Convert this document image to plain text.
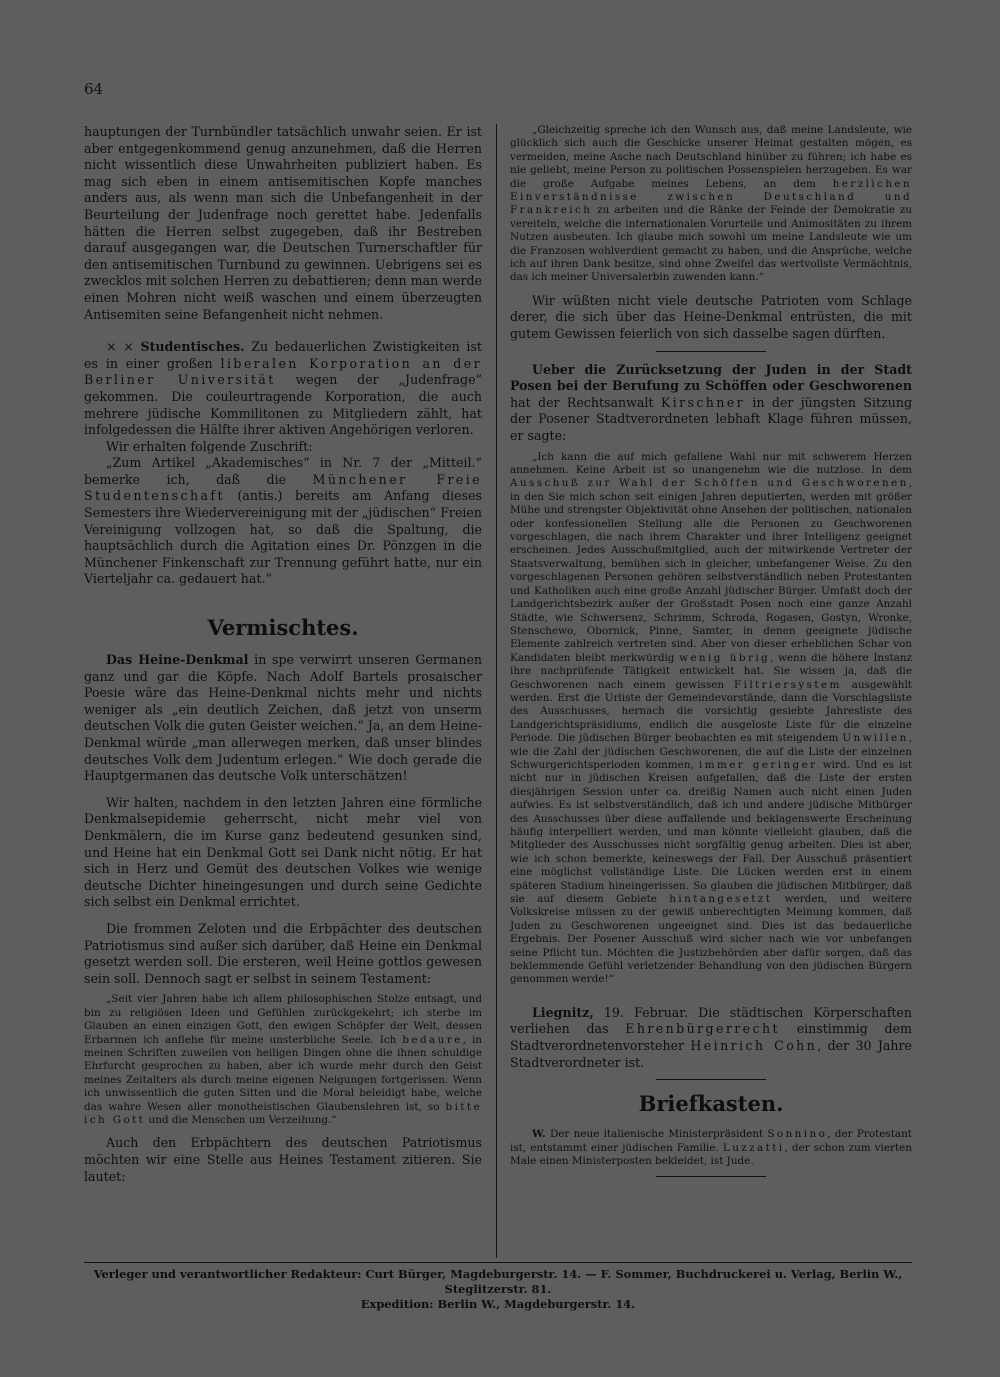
64

hauptungen der Turnbündler tatsächlich unwahr seien. Er ist aber entgegenkommend genug anzunehmen, daß die Herren nicht wissentlich diese Unwahrheiten publiziert haben. Es mag sich eben in einem antisemitischen Kopfe manches anders aus, als wenn man sich die Unbefangenheit in der Beurteilung der Judenfrage noch gerettet habe. Jedenfalls hätten die Herren selbst zugegeben, daß ihr Bestreben darauf ausgegangen war, die Deutschen Turnerschaftler für den antisemitischen Turnbund zu gewinnen. Uebrigens sei es zwecklos mit solchen Herren zu debattieren; denn man werde einen Mohren nicht weiß waschen und einem überzeugten Antisemiten seine Befangenheit nicht nehmen.

× × Studentisches. Zu bedauerlichen Zwistigkeiten ist es in einer großen liberalen Korporation an der Berliner Universität wegen der „Judenfrage“ gekommen. Die couleurtragende Korporation, die auch mehrere jüdische Kommilitonen zu Mitgliedern zählt, hat infolgedessen die Hälfte ihrer aktiven Angehörigen verloren.

Wir erhalten folgende Zuschrift:

„Zum Artikel „Akademisches“ in Nr. 7 der „Mitteil.“ bemerke ich, daß die Münchener Freie Studentenschaft (antis.) bereits am Anfang dieses Semesters ihre Wiedervereinigung mit der „jüdischen“ Freien Vereinigung vollzogen hat, so daß die Spaltung, die hauptsächlich durch die Agitation eines Dr. Pönzgen in die Münchener Finkenschaft zur Trennung geführt hatte, nur ein Vierteljahr ca. gedauert hat.“

Vermischtes.

Das Heine-Denkmal in spe verwirrt unseren Germanen ganz und gar die Köpfe. Nach Adolf Bartels prosaischer Poesie wäre das Heine-Denkmal nichts mehr und nichts weniger als „ein deutlich Zeichen, daß jetzt von unserm deutschen Volk die guten Geister weichen.“ Ja, an dem Heine-Denkmal würde „man allerwegen merken, daß unser blindes deutsches Volk dem Judentum erlegen.“ Wie doch gerade die Hauptgermanen das deutsche Volk unterschätzen!

Wir halten, nachdem in den letzten Jahren eine förmliche Denkmalsepidemie geherrscht, nicht mehr viel von Denkmälern, die im Kurse ganz bedeutend gesunken sind, und Heine hat ein Denkmal Gott sei Dank nicht nötig. Er hat sich in Herz und Gemüt des deutschen Volkes wie wenige deutsche Dichter hineingesungen und durch seine Gedichte sich selbst ein Denkmal errichtet.

Die frommen Zeloten und die Erbpächter des deutschen Patriotismus sind außer sich darüber, daß Heine ein Denkmal gesetzt werden soll. Die ersteren, weil Heine gottlos gewesen sein soll. Dennoch sagt er selbst in seinem Testament:

„Seit vier Jahren habe ich allem philosophischen Stolze entsagt, und bin zu religiösen Ideen und Gefühlen zurückgekehrt; ich sterbe im Glauben an einen einzigen Gott, den ewigen Schöpfer der Welt, dessen Erbarmen ich anflehe für meine unsterbliche Seele. Ich bedaure, in meinen Schriften zuweilen von heiligen Dingen ohne die ihnen schuldige Ehrfurcht gesprochen zu haben, aber ich wurde mehr durch den Geist meines Zeitalters als durch meine eigenen Neigungen fortgerissen. Wenn ich unwissentlich die guten Sitten und die Moral beleidigt habe, welche das wahre Wesen aller monotheistischen Glaubenslehren ist, so bitte ich Gott und die Menschen um Verzeihung.“

Auch den Erbpächtern des deutschen Patriotismus möchten wir eine Stelle aus Heines Testament zitieren. Sie lautet:

„Gleichzeitig spreche ich den Wunsch aus, daß meine Landsleute, wie glücklich sich auch die Geschicke unserer Heimat gestalten mögen, es vermeiden, meine Asche nach Deutschland hinüber zu führen; ich habe es nie geliebt, meine Person zu politischen Possenspielen herzugeben. Es war die große Aufgabe meines Lebens, an dem herzlichen Einverständnisse zwischen Deutschland und Frankreich zu arbeiten und die Ränke der Feinde der Demokratie zu vereiteln, welche die internationalen Vorurteile und Animositäten zu ihrem Nutzen ausbeuten. Ich glaube mich sowohl um meine Landsleute wie um die Franzosen wohlverdient gemacht zu haben, und die Ansprüche, welche ich auf ihren Dank besitze, sind ohne Zweifel das wertvollste Vermächtnis, das ich meiner Universalerbin zuwenden kann.“

Wir wüßten nicht viele deutsche Patrioten vom Schlage derer, die sich über das Heine-Denkmal entrüsten, die mit gutem Gewissen feierlich von sich dasselbe sagen dürften.

Ueber die Zurücksetzung der Juden in der Stadt Posen bei der Berufung zu Schöffen oder Geschworenen hat der Rechtsanwalt Kirschner in der jüngsten Sitzung der Posener Stadtverordneten lebhaft Klage führen müssen, er sagte:

„Ich kann die auf mich gefallene Wahl nur mit schwerem Herzen annehmen. Keine Arbeit ist so unangenehm wie die nutzlose. In dem Ausschuß zur Wahl der Schöffen und Geschworenen, in den Sie mich schon seit einigen Jahren deputierten, werden mit größer Mühe und strengster Objektivität ohne Ansehen der politischen, nationalen oder konfessionellen Stellung alle die Personen zu Geschworenen vorgeschlagen, die nach ihrem Charakter und ihrer Intelligenz geeignet erscheinen. Jedes Ausschußmitglied, auch der mitwirkende Vertreter der Staatsverwaltung, bemühen sich in gleicher, unbefangener Weise. Zu den vorgeschlagenen Personen gehören selbstverständlich neben Protestanten und Katholiken auch eine große Anzahl jüdischer Bürger. Umfaßt doch der Landgerichtsbezirk außer der Großstadt Posen noch eine ganze Anzahl Städte, wie Schwersenz, Schrimm, Schroda, Rogasen, Gostyn, Wronke, Stenschewo, Obornick, Pinne, Samter, in denen geeignete jüdische Elemente zahlreich vertreten sind. Aber von dieser erheblichen Schar von Kandidaten bleibt merkwürdig wenig übrig, wenn die höhere Instanz ihre nachprüfende Tätigkeit entwickelt hat. Sie wissen ja, daß die Geschworenen nach einem gewissen Filtriersystem ausgewählt werden. Erst die Urliste der Gemeindevorstände, dann die Vorschlagsliste des Ausschusses, hernach die vorsichtig gesiebte Jahresliste des Landgerichtspräsidiums, endlich die ausgeloste Liste für die einzelne Periode. Die jüdischen Bürger beobachten es mit steigendem Unwillen, wie die Zahl der jüdischen Geschworenen, die auf die Liste der einzelnen Schwurgerichtsperioden kommen, immer geringer wird. Und es ist nicht nur in jüdischen Kreisen aufgefallen, daß die Liste der ersten diesjährigen Session unter ca. dreißig Namen auch nicht einen Juden aufwies. Es ist selbstverständlich, daß ich und andere jüdische Mitbürger des Ausschusses über diese auffallende und beklagenswerte Erscheinung häufig interpelliert werden, und man könnte vielleicht glauben, daß die Mitglieder des Ausschusses nicht sorgfältig genug arbeiten. Dies ist aber, wie ich schon bemerkte, keineswegs der Fall. Der Ausschuß präsentiert eine möglichst vollständige Liste. Die Lücken werden erst in einem späteren Stadium hineingerissen. So glauben die jüdischen Mitbürger, daß sie auf diesem Gebiete hintangesetzt werden, und weitere Volkskreise müssen zu der gewiß unberechtigten Meinung kommen, daß Juden zu Geschworenen ungeeignet sind. Dies ist das bedauerliche Ergebnis. Der Posener Ausschuß wird sicher nach wie vor unbefangen seine Pflicht tun. Möchten die Justizbehörden aber dafür sorgen, daß das beklemmende Gefühl verletzender Behandlung von den jüdischen Bürgern genommen werde!“

Liegnitz, 19. Februar. Die städtischen Körperschaften verliehen das Ehrenbürgerrecht einstimmig dem Stadtverordnetenvorsteher Heinrich Cohn, der 30 Jahre Stadtverordneter ist.

Briefkasten.

W. Der neue italienische Ministerpräsident Sonnino, der Protestant ist, entstammt einer jüdischen Familie. Luzzatti, der schon zum vierten Male einen Ministerposten bekleidet, ist Jude.

Verleger und verantwortlicher Redakteur: Curt Bürger, Magdeburgerstr. 14. — F. Sommer, Buchdruckerei u. Verlag, Berlin W., Steglitzerstr. 81.
Expedition: Berlin W., Magdeburgerstr. 14.
